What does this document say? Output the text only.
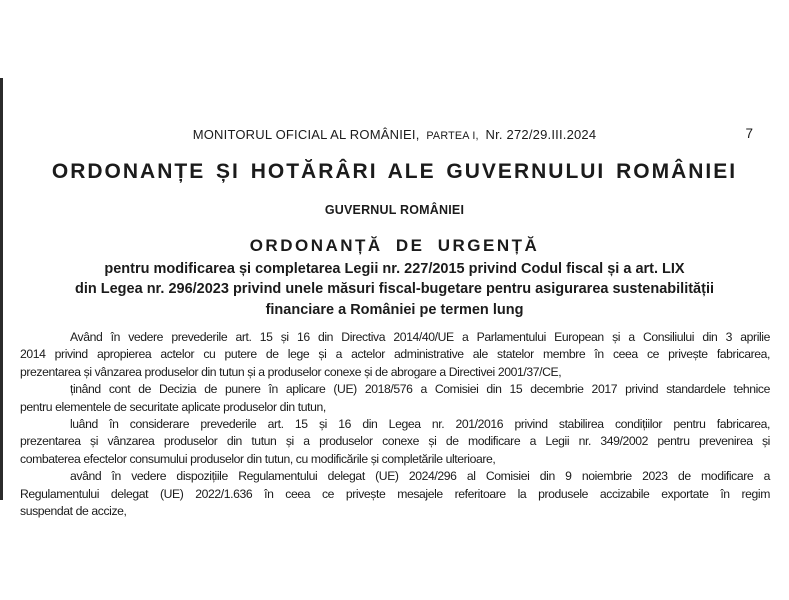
MONITORUL OFICIAL AL ROMÂNIEI, PARTEA I, Nr. 272/29.III.2024	7
ORDONANȚE ȘI HOTĂRÂRI ALE GUVERNULUI ROMÂNIEI
GUVERNUL ROMÂNIEI
ORDONANȚĂ DE URGENȚĂ
pentru modificarea și completarea Legii nr. 227/2015 privind Codul fiscal și a art. LIX
din Legea nr. 296/2023 privind unele măsuri fiscal-bugetare pentru asigurarea sustenabilității
financiare a României pe termen lung
Având în vedere prevederile art. 15 și 16 din Directiva 2014/40/UE a Parlamentului European și a Consiliului din 3 aprilie
2014 privind apropierea actelor cu putere de lege și a actelor administrative ale statelor membre în ceea ce privește fabricarea,
prezentarea și vânzarea produselor din tutun și a produselor conexe și de abrogare a Directivei 2001/37/CE,
ținând cont de Decizia de punere în aplicare (UE) 2018/576 a Comisiei din 15 decembrie 2017 privind standardele tehnice
pentru elementele de securitate aplicate produselor din tutun,
luând în considerare prevederile art. 15 și 16 din Legea nr. 201/2016 privind stabilirea condițiilor pentru fabricarea,
prezentarea și vânzarea produselor din tutun și a produselor conexe și de modificare a Legii nr. 349/2002 pentru prevenirea și
combaterea efectelor consumului produselor din tutun, cu modificările și completările ulterioare,
având în vedere dispozițiile Regulamentului delegat (UE) 2024/296 al Comisiei din 9 noiembrie 2023 de modificare a
Regulamentului delegat (UE) 2022/1.636 în ceea ce privește mesajele referitoare la produsele accizabile exportate în regim
suspendat de accize,
